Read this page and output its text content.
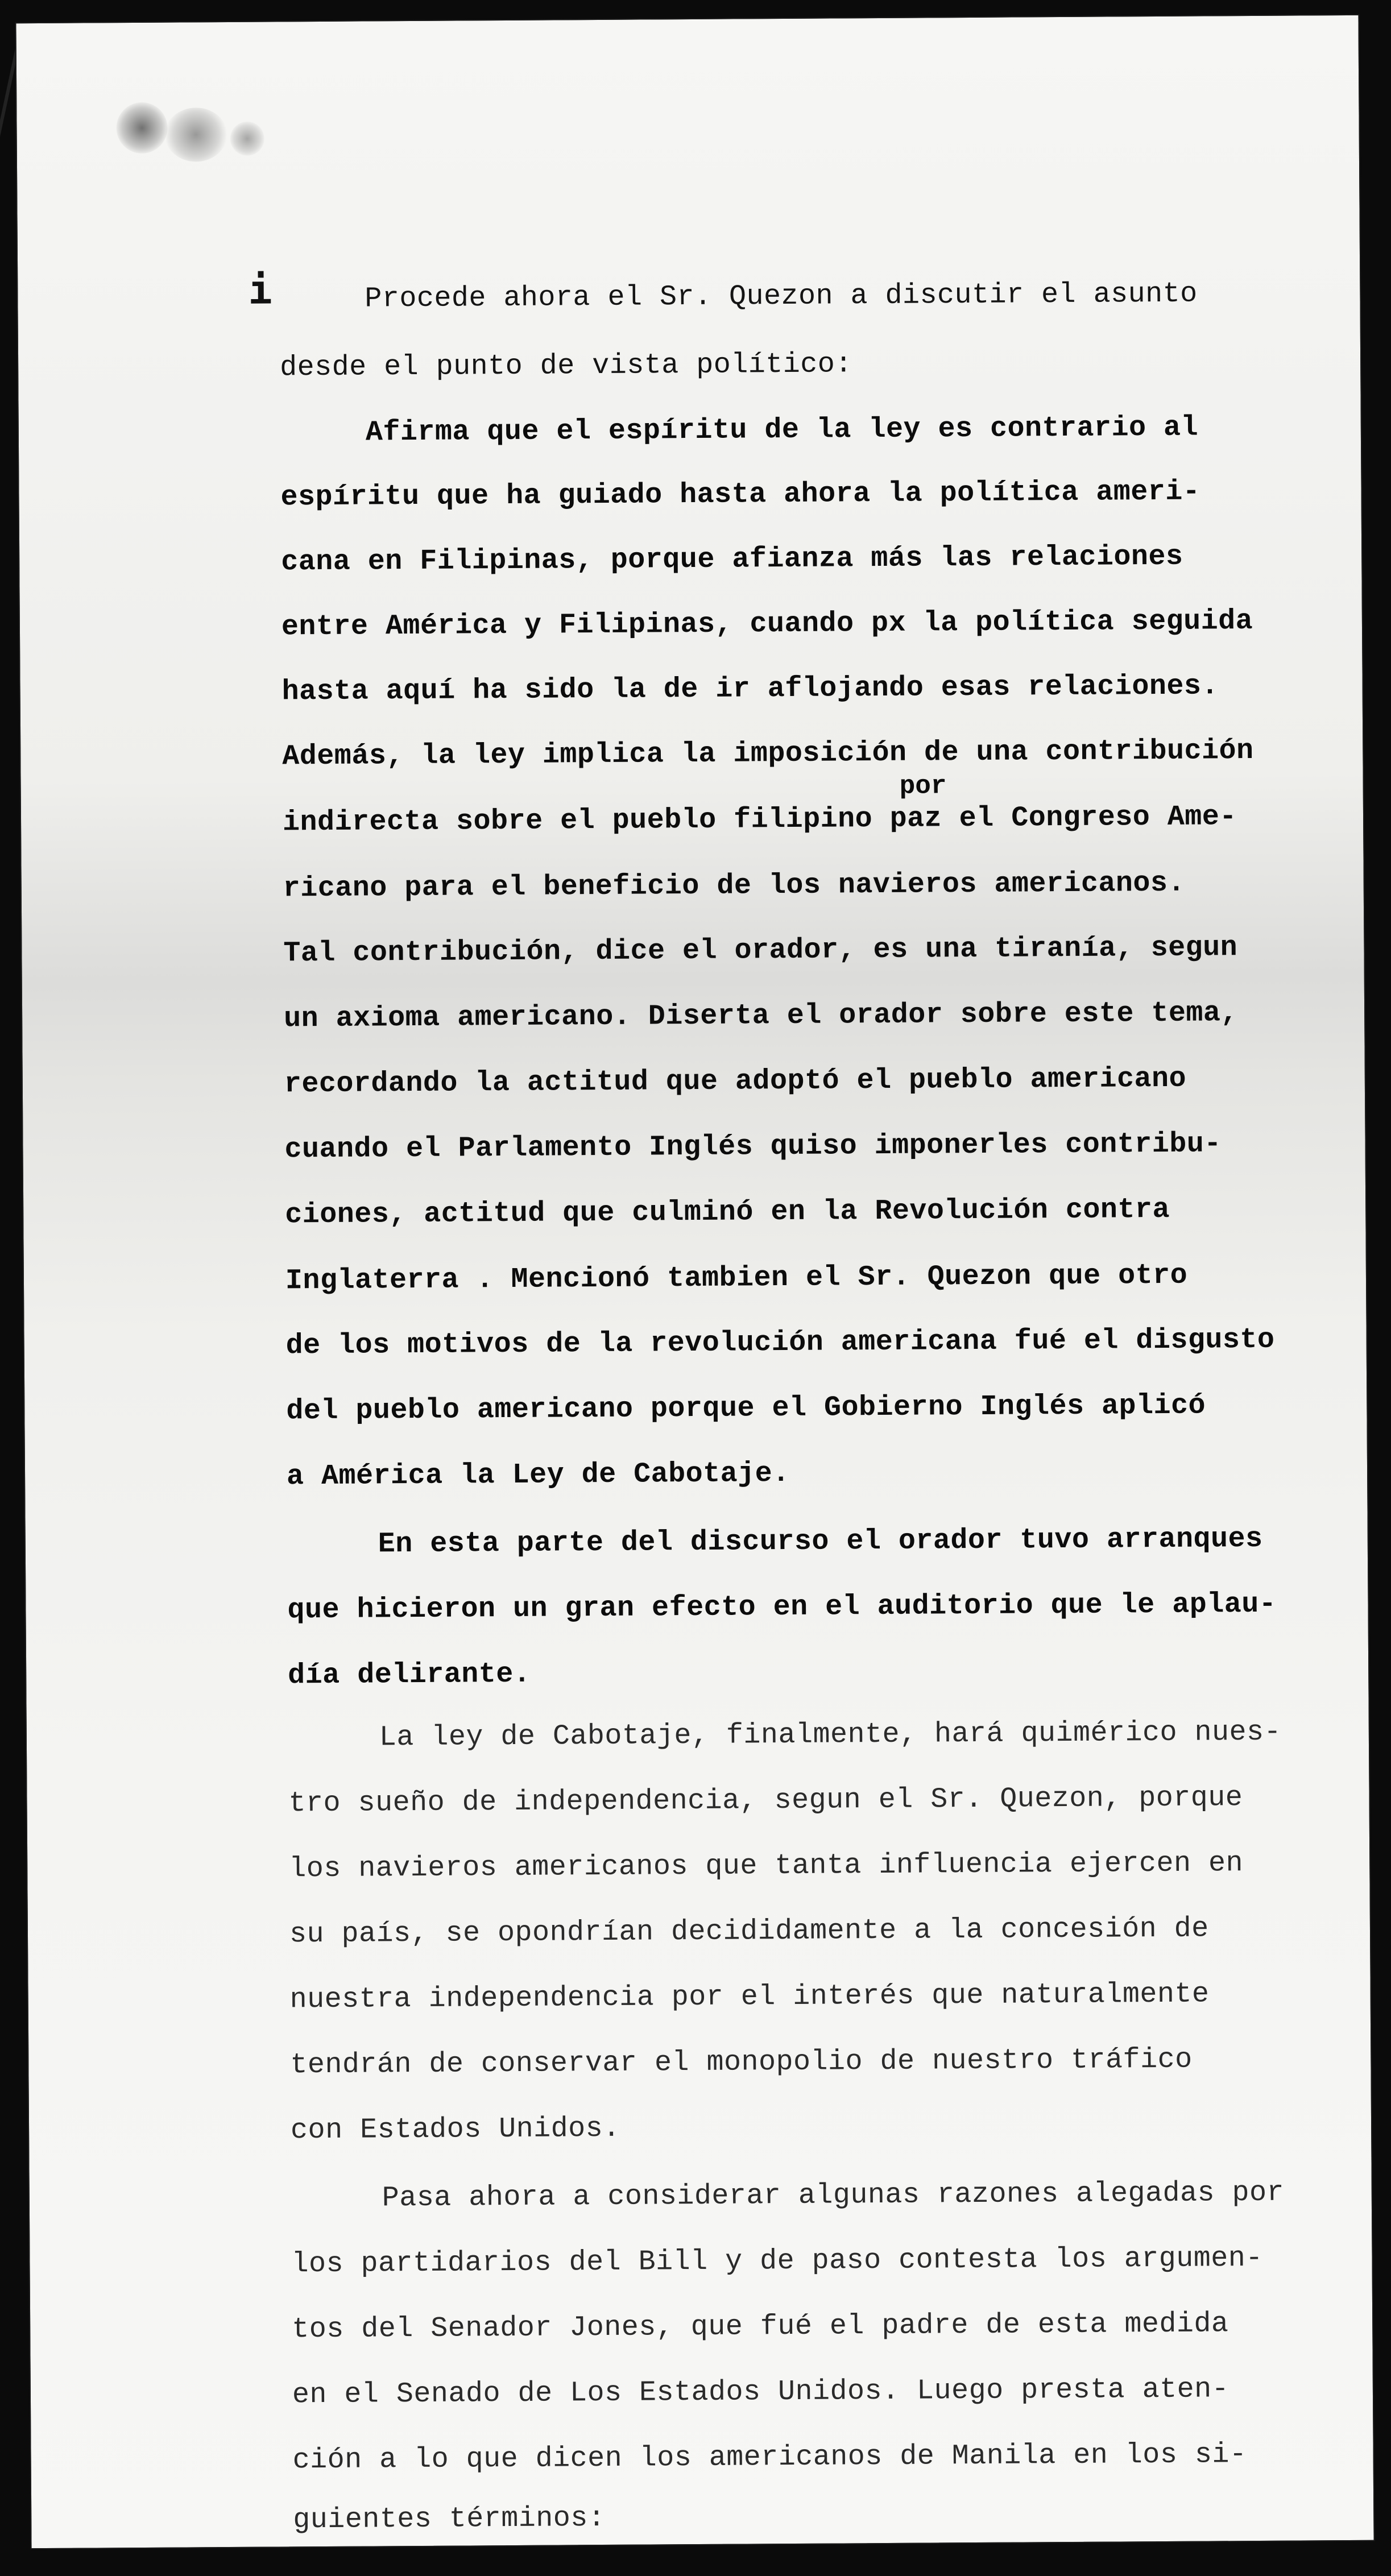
i	Procede ahora el Sr. Quezon a discutir el asunto
desde el punto de vista político:
Afirma que el espíritu de la ley es contrario al
espíritu que ha guiado hasta ahora la política ameri-
cana en Filipinas, porque afianza más las relaciones
entre América y Filipinas, cuando px la política seguida
hasta aquí ha sido la de ir aflojando esas relaciones.
Además, la ley implica la imposición de una contribución
por
indirecta sobre el pueblo filipino paz el Congreso Ame-
ricano para el beneficio de los navieros americanos.
Tal contribución, dice el orador, es una tiranía, segun
un axioma americano. Diserta el orador sobre este tema,
recordando la actitud que adoptó el pueblo americano
cuando el Parlamento Inglés quiso imponerles contribu-
ciones, actitud que culminó en la Revolución contra
Inglaterra . Mencionó tambien el Sr. Quezon que otro
de los motivos de la revolución americana fué el disgusto
del pueblo americano porque el Gobierno Inglés aplicó
a América la Ley de Cabotaje.
En esta parte del discurso el orador tuvo arranques
que hicieron un gran efecto en el auditorio que le aplau-
día delirante.
La ley de Cabotaje, finalmente, hará quimérico nues-
tro sueño de independencia, segun el Sr. Quezon, porque
los navieros americanos que tanta influencia ejercen en
su país, se opondrían decididamente a la concesión de
nuestra independencia por el interés que naturalmente
tendrán de conservar el monopolio de nuestro tráfico
con Estados Unidos.
Pasa ahora a considerar algunas razones alegadas por
los partidarios del Bill y de paso contesta los argumen-
tos del Senador Jones, que fué el padre de esta medida
en el Senado de Los Estados Unidos. Luego presta aten-
ción a lo que dicen los americanos de Manila en los si-
guientes términos:
